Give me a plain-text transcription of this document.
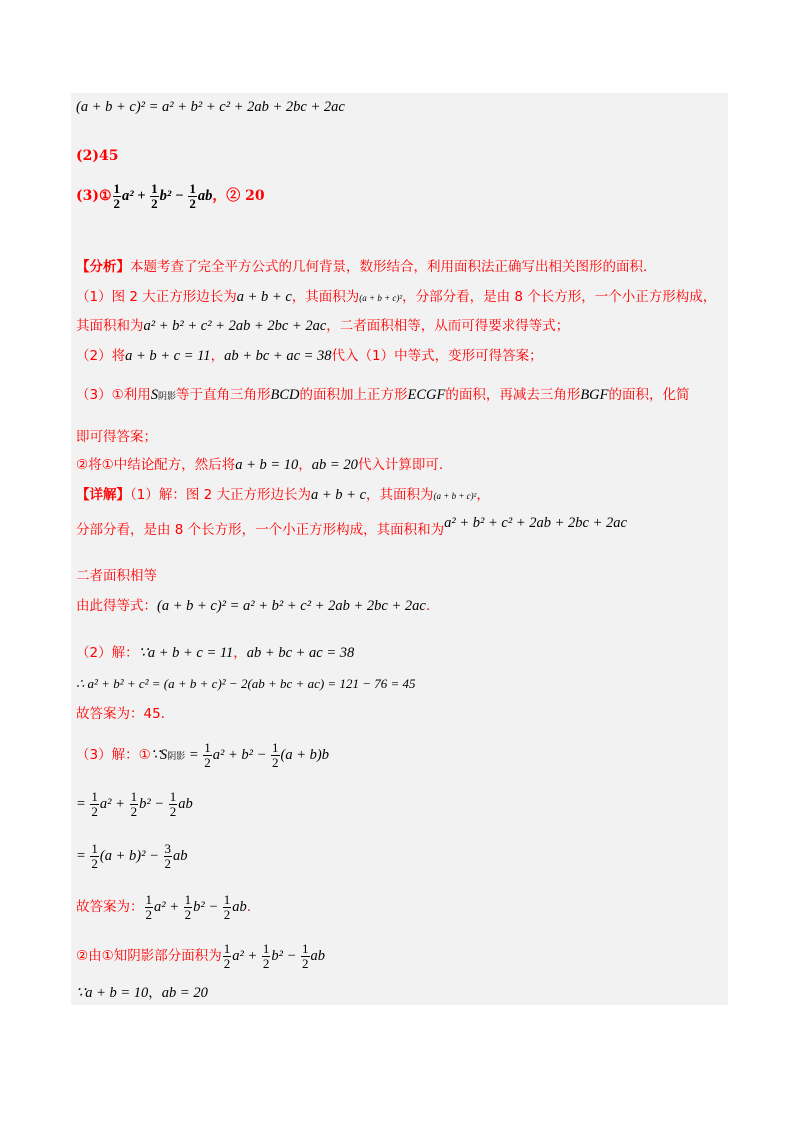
(a + b + c)² = a² + b² + c² + 2ab + 2bc + 2ac
(2)45
(3)① $\frac{1}{2} a^2 + \frac{1}{2} b^2 - \frac{1}{2}$ ab，② 20
【分析】本题考查了完全平方公式的几何背景，数形结合，利用面积法正确写出相关图形的面积.
（1）图 2 大正方形边长为a + b + c，其面积为(a + b + c)²，分部分看，是由 8 个长方形，一个小正方形构成，
其面积和为a² + b² + c² + 2ab + 2bc + 2ac，二者面积相等，从而可得要求得等式；
（2）将a + b + c = 11，ab + bc + ac = 38代入（1）中等式，变形可得答案；
（3）①利用S阴影等于直角三角形BCD的面积加上正方形ECGF的面积，再减去三角形BGF的面积，化简
即可得答案；
②将①中结论配方，然后将a + b = 10，ab = 20代入计算即可.
【详解】（1）解：图 2 大正方形边长为a + b + c，其面积为(a + b + c)²，
分部分看，是由 8 个长方形，一个小正方形构成，其面积和为a² + b² + c² + 2ab + 2bc + 2ac
二者面积相等
由此得等式：(a + b + c)² = a² + b² + c² + 2ab + 2bc + 2ac.
（2）解：∵a + b + c = 11，ab + bc + ac = 38
∴ a² + b² + c² = (a + b + c)² − 2(ab + bc + ac) = 121 − 76 = 45
故答案为：45.
（3）解：①∵S阴影 = $\frac{1}{2} a^2 + b^2 - \frac{1}{2} (a + b)b$
= $\frac{1}{2} a^2 + \frac{1}{2} b^2 - \frac{1}{2}$ ab
= $\frac{1}{2} (a + b)^2 - \frac{3}{2}$ ab
故答案为： $\frac{1}{2} a^2 + \frac{1}{2} b^2 - \frac{1}{2}$ ab.
②由①知阴影部分面积为 $\frac{1}{2} a^2 + \frac{1}{2} b^2 - \frac{1}{2}$ ab
∵a + b = 10，ab = 20
